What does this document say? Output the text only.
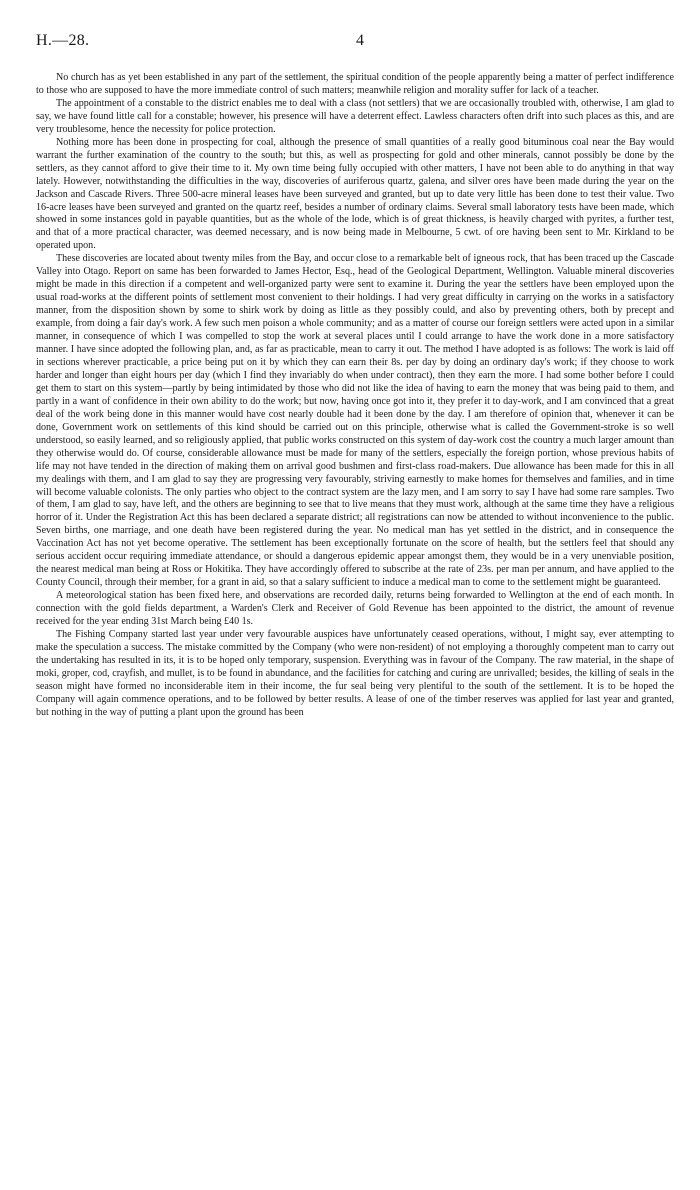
H.—28.	4

No church has as yet been established in any part of the settlement, the spiritual condition of the people apparently being a matter of perfect indifference to those who are supposed to have the more immediate control of such matters; meanwhile religion and morality suffer for lack of a teacher.

The appointment of a constable to the district enables me to deal with a class (not settlers) that we are occasionally troubled with, otherwise, I am glad to say, we have found little call for a constable; however, his presence will have a deterrent effect. Lawless characters often drift into such places as this, and are very troublesome, hence the necessity for police protection.

Nothing more has been done in prospecting for coal, although the presence of small quantities of a really good bituminous coal near the Bay would warrant the further examination of the country to the south; but this, as well as prospecting for gold and other minerals, cannot possibly be done by the settlers, as they cannot afford to give their time to it. My own time being fully occupied with other matters, I have not been able to do anything in that way lately. However, notwithstanding the difficulties in the way, discoveries of auriferous quartz, galena, and silver ores have been made during the year on the Jackson and Cascade Rivers. Three 500-acre mineral leases have been surveyed and granted, but up to date very little has been done to test their value. Two 16-acre leases have been surveyed and granted on the quartz reef, besides a number of ordinary claims. Several small laboratory tests have been made, which showed in some instances gold in payable quantities, but as the whole of the lode, which is of great thickness, is heavily charged with pyrites, a further test, and that of a more practical character, was deemed necessary, and is now being made in Melbourne, 5 cwt. of ore having been sent to Mr. Kirkland to be operated upon.

These discoveries are located about twenty miles from the Bay, and occur close to a remarkable belt of igneous rock, that has been traced up the Cascade Valley into Otago. Report on same has been forwarded to James Hector, Esq., head of the Geological Department, Wellington. Valuable mineral discoveries might be made in this direction if a competent and well-organized party were sent to examine it. During the year the settlers have been employed upon the usual road-works at the different points of settlement most convenient to their holdings. I had very great difficulty in carrying on the works in a satisfactory manner, from the disposition shown by some to shirk work by doing as little as they possibly could, and also by preventing others, both by precept and example, from doing a fair day's work. A few such men poison a whole community; and as a matter of course our foreign settlers were acted upon in a similar manner, in consequence of which I was compelled to stop the work at several places until I could arrange to have the work done in a more satisfactory manner. I have since adopted the following plan, and, as far as practicable, mean to carry it out. The method I have adopted is as follows: The work is laid off in sections wherever practicable, a price being put on it by which they can earn their 8s. per day by doing an ordinary day's work; if they choose to work harder and longer than eight hours per day (which I find they invariably do when under contract), then they earn the more. I had some bother before I could get them to start on this system—partly by being intimidated by those who did not like the idea of having to earn the money that was being paid to them, and partly in a want of confidence in their own ability to do the work; but now, having once got into it, they prefer it to day-work, and I am convinced that a great deal of the work being done in this manner would have cost nearly double had it been done by the day. I am therefore of opinion that, whenever it can be done, Government work on settlements of this kind should be carried out on this principle, otherwise what is called the Government-stroke is so well understood, so easily learned, and so religiously applied, that public works constructed on this system of day-work cost the country a much larger amount than they otherwise would do. Of course, considerable allowance must be made for many of the settlers, especially the foreign portion, whose previous habits of life may not have tended in the direction of making them on arrival good bushmen and first-class road-makers. Due allowance has been made for this in all my dealings with them, and I am glad to say they are progressing very favourably, striving earnestly to make homes for themselves and families, and in time will become valuable colonists. The only parties who object to the contract system are the lazy men, and I am sorry to say I have had some rare samples. Two of them, I am glad to say, have left, and the others are beginning to see that to live means that they must work, although at the same time they have a religious horror of it. Under the Registration Act this has been declared a separate district; all registrations can now be attended to without inconvenience to the public. Seven births, one marriage, and one death have been registered during the year. No medical man has yet settled in the district, and in consequence the Vaccination Act has not yet become operative. The settlement has been exceptionally fortunate on the score of health, but the settlers feel that should any serious accident occur requiring immediate attendance, or should a dangerous epidemic appear amongst them, they would be in a very unenviable position, the nearest medical man being at Ross or Hokitika. They have accordingly offered to subscribe at the rate of 23s. per man per annum, and have applied to the County Council, through their member, for a grant in aid, so that a salary sufficient to induce a medical man to come to the settlement might be guaranteed.

A meteorological station has been fixed here, and observations are recorded daily, returns being forwarded to Wellington at the end of each month. In connection with the gold fields department, a Warden's Clerk and Receiver of Gold Revenue has been appointed to the district, the amount of revenue received for the year ending 31st March being £40 1s.

The Fishing Company started last year under very favourable auspices have unfortunately ceased operations, without, I might say, ever attempting to make the speculation a success. The mistake committed by the Company (who were non-resident) of not employing a thoroughly competent man to carry out the undertaking has resulted in its, it is to be hoped only temporary, suspension. Everything was in favour of the Company. The raw material, in the shape of moki, groper, cod, crayfish, and mullet, is to be found in abundance, and the facilities for catching and curing are unrivalled; besides, the killing of seals in the season might have formed no inconsiderable item in their income, the fur seal being very plentiful to the south of the settlement. It is to be hoped the Company will again commence operations, and to be followed by better results. A lease of one of the timber reserves was applied for last year and granted, but nothing in the way of putting a plant upon the ground has been
